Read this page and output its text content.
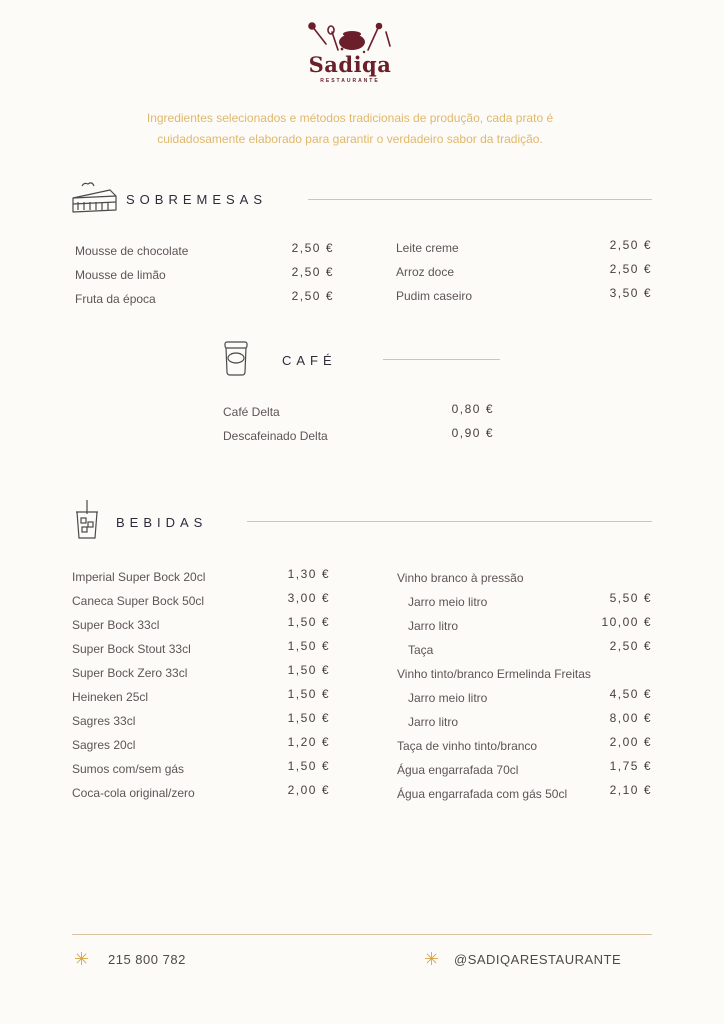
Sadiqa
RESTAURANTE
Ingredientes selecionados e métodos tradicionais de produção, cada prato é
cuidadosamente elaborado para garantir o verdadeiro sabor da tradição.
SOBREMESAS
Mousse de chocolate	2,50 €
Mousse de limão	2,50 €
Fruta da época	2,50 €
Leite creme	2,50 €
Arroz doce	2,50 €
Pudim caseiro	3,50 €
CAFÉ
Café Delta	0,80 €
Descafeinado Delta	0,90 €
BEBIDAS
Imperial Super Bock 20cl	1,30 €
Caneca Super Bock 50cl	3,00 €
Super Bock 33cl	1,50 €
Super Bock Stout 33cl	1,50 €
Super Bock Zero 33cl	1,50 €
Heineken 25cl	1,50 €
Sagres 33cl	1,50 €
Sagres 20cl	1,20 €
Sumos com/sem gás	1,50 €
Coca-cola original/zero	2,00 €
Vinho branco à pressão
Jarro meio litro	5,50 €
Jarro litro	10,00 €
Taça	2,50 €
Vinho tinto/branco Ermelinda Freitas
Jarro meio litro	4,50 €
Jarro litro	8,00 €
Taça de vinho tinto/branco	2,00 €
Água engarrafada 70cl	1,75 €
Água engarrafada com gás 50cl	2,10 €
✳ 215 800 782	✳ @SADIQARESTAURANTE
